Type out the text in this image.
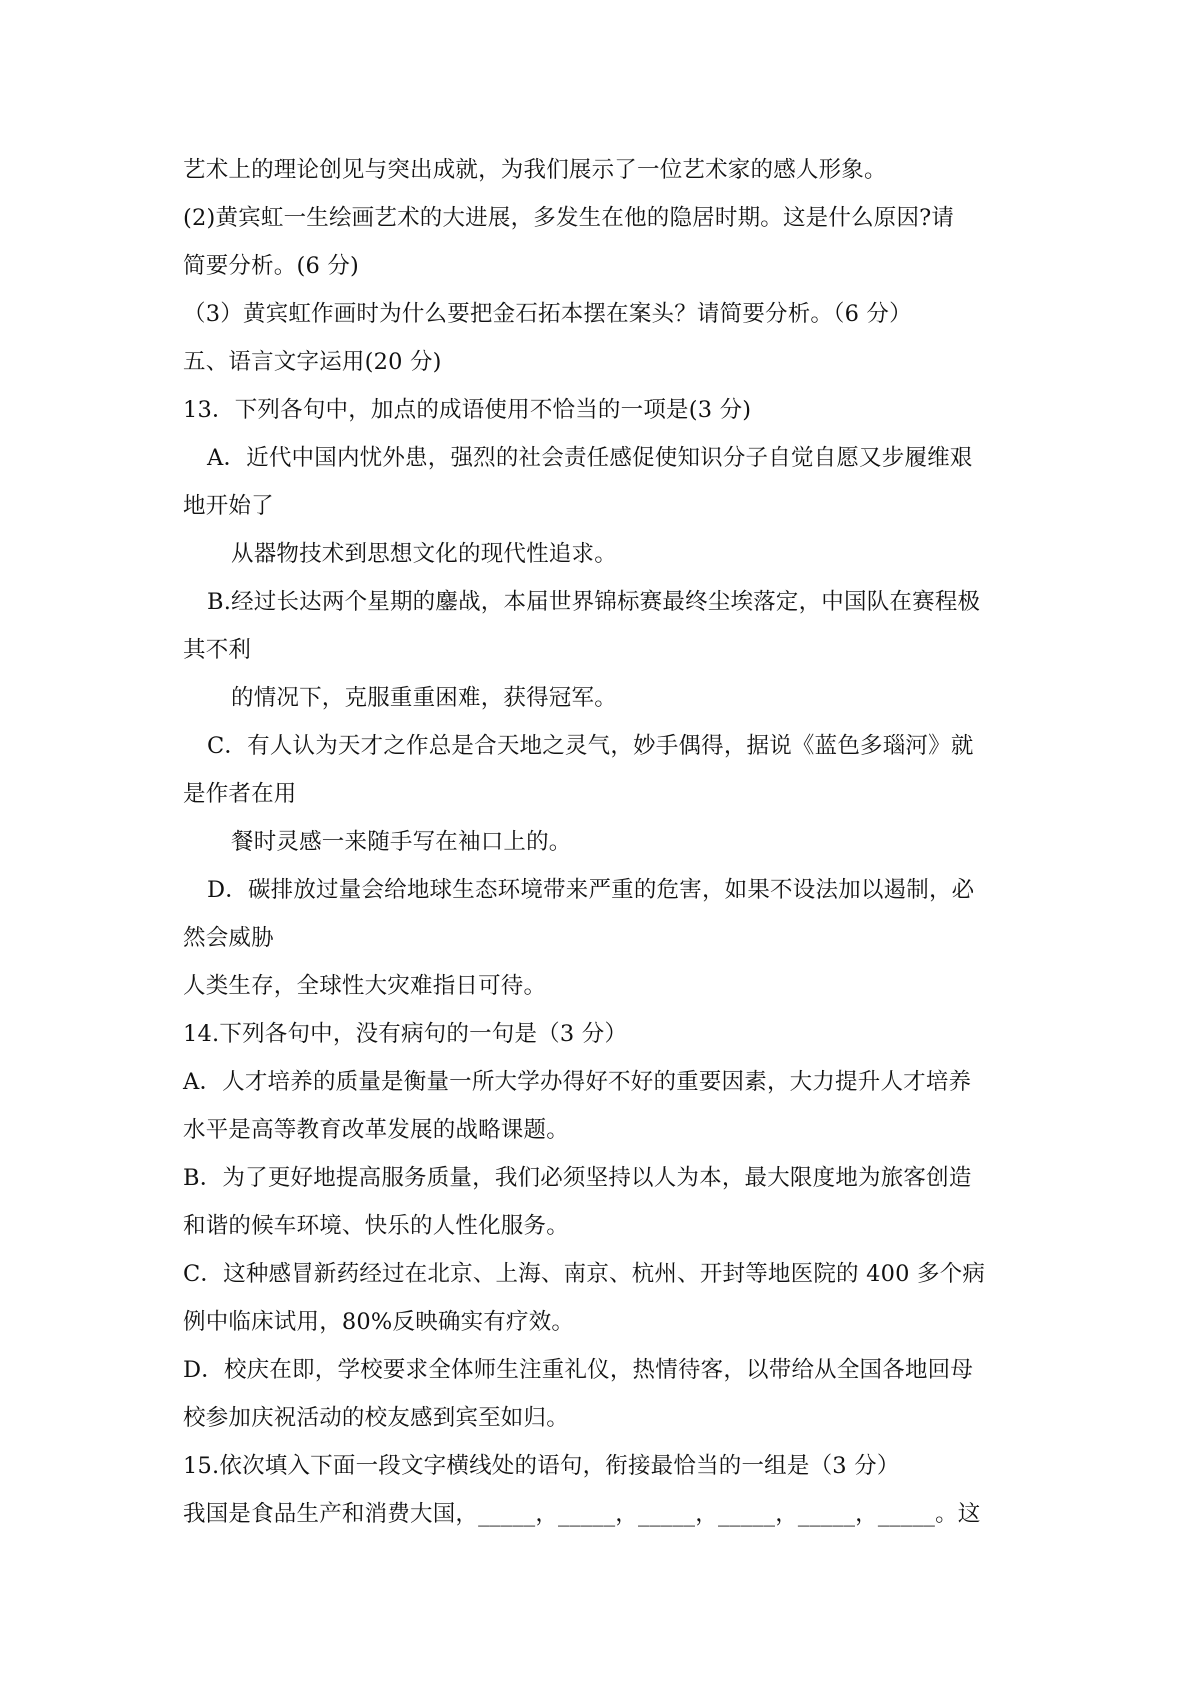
艺术上的理论创见与突出成就，为我们展示了一位艺术家的感人形象。
(2)黄宾虹一生绘画艺术的大进展，多发生在他的隐居时期。这是什么原因?请
简要分析。(6 分)
（3）黄宾虹作画时为什么要把金石拓本摆在案头？请简要分析。（6 分）
五、语言文字运用(20 分)
13．下列各句中，加点的成语使用不恰当的一项是(3 分)
A．近代中国内忧外患，强烈的社会责任感促使知识分子自觉自愿又步履维艰
地开始了
从器物技术到思想文化的现代性追求。
B.经过长达两个星期的鏖战，本届世界锦标赛最终尘埃落定，中国队在赛程极
其不利
的情况下，克服重重困难，获得冠军。
C．有人认为天才之作总是合天地之灵气，妙手偶得，据说《蓝色多瑙河》就
是作者在用
餐时灵感一来随手写在袖口上的。
D．碳排放过量会给地球生态环境带来严重的危害，如果不设法加以遏制，必
然会威胁
人类生存，全球性大灾难指日可待。
14.下列各句中，没有病句的一句是（3 分）
A．人才培养的质量是衡量一所大学办得好不好的重要因素，大力提升人才培养
水平是高等教育改革发展的战略课题。
B．为了更好地提高服务质量，我们必须坚持以人为本，最大限度地为旅客创造
和谐的候车环境、快乐的人性化服务。
C．这种感冒新药经过在北京、上海、南京、杭州、开封等地医院的 400 多个病
例中临床试用，80%反映确实有疗效。
D．校庆在即，学校要求全体师生注重礼仪，热情待客，以带给从全国各地回母
校参加庆祝活动的校友感到宾至如归。
15.依次填入下面一段文字横线处的语句，衔接最恰当的一组是（3 分）
我国是食品生产和消费大国，_____，_____，_____，_____，_____，_____。这
